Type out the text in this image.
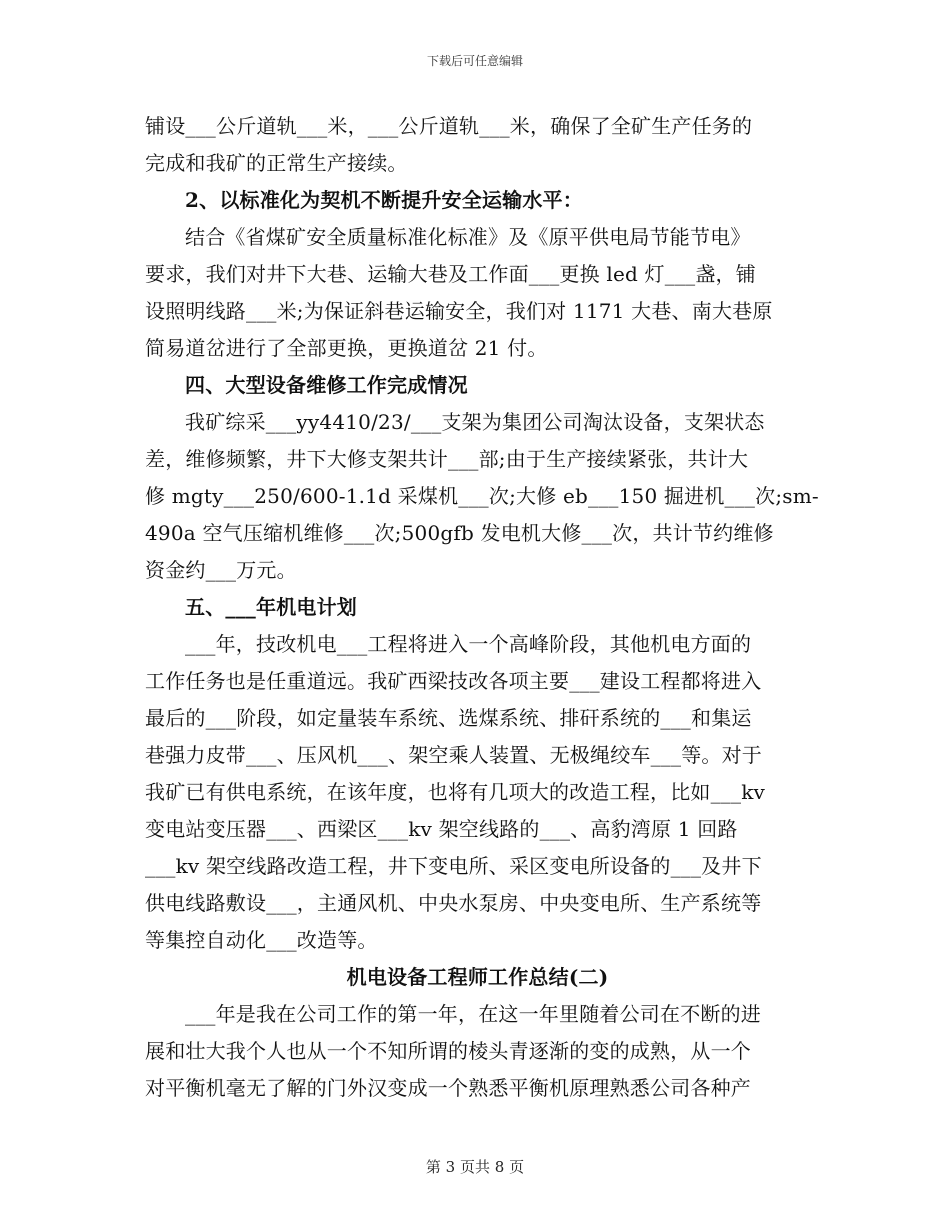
下载后可任意编辑
铺设___公斤道轨___米，___公斤道轨___米，确保了全矿生产任务的
完成和我矿的正常生产接续。
2、以标准化为契机不断提升安全运输水平：
结合《省煤矿安全质量标准化标准》及《原平供电局节能节电》
要求，我们对井下大巷、运输大巷及工作面___更换 led 灯___盏，铺
设照明线路___米;为保证斜巷运输安全，我们对 1171 大巷、南大巷原
简易道岔进行了全部更换，更换道岔 21 付。
四、大型设备维修工作完成情况
我矿综采___yy4410/23/___支架为集团公司淘汰设备，支架状态
差，维修频繁，井下大修支架共计___部;由于生产接续紧张，共计大
修 mgty___250/600-1.1d 采煤机___次;大修 eb___150 掘进机___次;sm-
490a 空气压缩机维修___次;500gfb 发电机大修___次，共计节约维修
资金约___万元。
五、___年机电计划
___年，技改机电___工程将进入一个高峰阶段，其他机电方面的
工作任务也是任重道远。我矿西梁技改各项主要___建设工程都将进入
最后的___阶段，如定量装车系统、选煤系统、排矸系统的___和集运
巷强力皮带___、压风机___、架空乘人装置、无极绳绞车___等。对于
我矿已有供电系统，在该年度，也将有几项大的改造工程，比如___kv
变电站变压器___、西梁区___kv 架空线路的___、高豹湾原 1 回路
___kv 架空线路改造工程，井下变电所、采区变电所设备的___及井下
供电线路敷设___，主通风机、中央水泵房、中央变电所、生产系统等
等集控自动化___改造等。
机电设备工程师工作总结(二)
___年是我在公司工作的第一年，在这一年里随着公司在不断的进
展和壮大我个人也从一个不知所谓的棱头青逐渐的变的成熟，从一个
对平衡机毫无了解的门外汉变成一个熟悉平衡机原理熟悉公司各种产
第 3 页共 8 页
